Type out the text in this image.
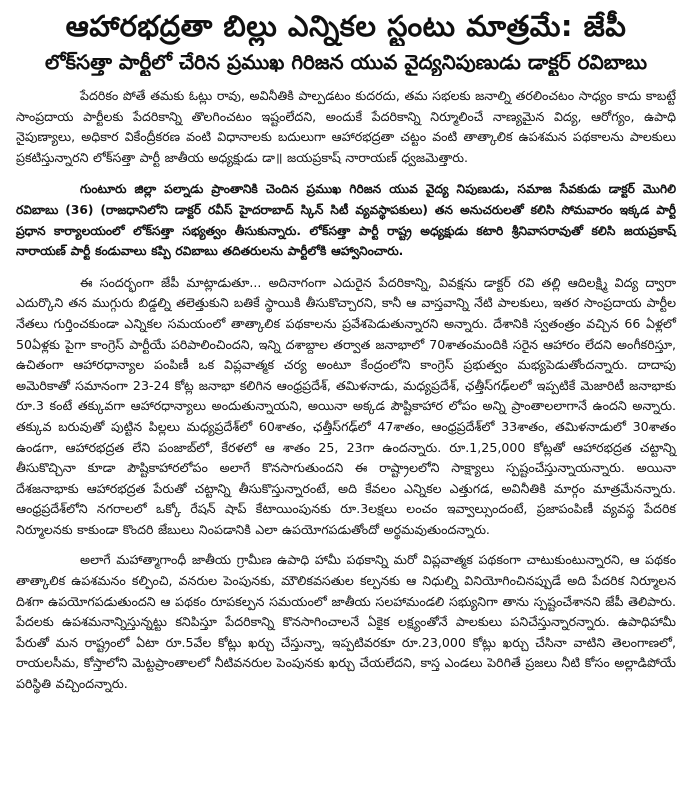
ఆహారభద్రతా బిల్లు ఎన్నికల స్టంటు మాత్రమే: జేపీ
లోక్‌సత్తా పార్టీలో చేరిన ప్రముఖ గిరిజన యువ వైద్యనిపుణుడు డాక్టర్ రవిబాబు

పేదరికం పోతే తమకు ఓట్లు రావు, అవినీతికి పాల్పడటం కుదరదు, తమ సభలకు జనాల్ని తరలించటం సాధ్యం కాదు కాబట్టే సాంప్రదాయ పార్టీలకు పేదరికాన్ని తొలగించటం ఇష్టంలేదని, అందుకే పేదరికాన్ని నిర్మూలించే నాణ్యమైన విద్య, ఆరోగ్యం, ఉపాధి నైపుణ్యాలు, అధికార వికేంద్రీకరణ వంటి విధానాలకు బదులుగా ఆహారభద్రతా చట్టం వంటి తాత్కాలిక ఉపశమన పథకాలను పాలకులు ప్రకటిస్తున్నారని లోక్‌సత్తా పార్టీ జాతీయ అధ్యక్షుడు డా॥ జయప్రకాష్ నారాయణ్ ధ్వజమెత్తారు.

గుంటూరు జిల్లా పల్నాడు ప్రాంతానికి చెందిన ప్రముఖ గిరిజన యువ వైద్య నిపుణుడు, సమాజ సేవకుడు డాక్టర్ మొగిలి రవిబాబు (36) (రాజధానిలోని డాక్టర్ రవీస్ హైదరాబాద్ స్కిన్ సిటీ వ్యవస్థాపకులు) తన అనుచరులతో కలిసి సోమవారం ఇక్కడ పార్టీ ప్రధాన కార్యాలయంలో లోక్‌సత్తా సభ్యత్వం తీసుకున్నారు. లోక్‌సత్తా పార్టీ రాష్ట్ర అధ్యక్షుడు కటారి శ్రీనివాసరావుతో కలిసి జయప్రకాష్ నారాయణ్ పార్టీ కండువాలు కప్పి రవిబాబు తదితరులను పార్టీలోకి ఆహ్వానించారు.

ఈ సందర్భంగా జేపీ మాట్లాడుతూ... అదినాగంగా ఎదురైన పేదరికాన్ని, వివక్షను డాక్టర్ రవి తల్లి ఆదిలక్ష్మి విద్య ద్వారా ఎదుర్కొని తన ముగ్గురు బిడ్డల్ని తలెత్తుకుని బతికే స్థాయికి తీసుకొచ్చారని, కానీ ఆ వాస్తవాన్ని నేటి పాలకులు, ఇతర సాంప్రదాయ పార్టీల నేతలు గుర్తించకుండా ఎన్నికల సమయంలో తాత్కాలిక పథకాలను ప్రవేశపెడుతున్నారని అన్నారు. దేశానికి స్వతంత్రం వచ్చిన 66 ఏళ్లలో 50ఏళ్లకు పైగా కాంగ్రెస్ పార్టీయే పరిపాలించిందని, ఇన్ని దశాబ్దాల తర్వాత జనాభాలో 70శాతంమందికి సరైన ఆహారం లేదని అంగీకరిస్తూ, ఉచితంగా ఆహారధాన్యాల పంపిణీ ఒక విప్లవాత్మక చర్య అంటూ కేంద్రంలోని కాంగ్రెస్ ప్రభుత్వం మభ్యపెడుతోందన్నారు. దాదాపు అమెరికాతో సమానంగా 23-24 కోట్ల జనాభా కలిగిన ఆంధ్రప్రదేశ్, తమిళనాడు, మధ్యప్రదేశ్, ఛత్తీస్‌గఢ్‌లలో ఇప్పటికే మెజారిటీ జనాభాకు రూ.3 కంటే తక్కువగా ఆహారధాన్యాలు అందుతున్నాయని, అయినా అక్కడ పౌష్టికాహార లోపం అన్ని ప్రాంతాలలాగానే ఉందని అన్నారు. తక్కువ బరువుతో పుట్టిన పిల్లలు మధ్యప్రదేశ్‌లో 60శాతం, ఛత్తీస్‌గఢ్‌లో 47శాతం, ఆంధ్రప్రదేశ్‌లో 33శాతం, తమిళనాడులో 30శాతం ఉండగా, ఆహారభద్రత లేని పంజాబ్‌లో, కేరళలో ఆ శాతం 25, 23గా ఉందన్నారు. రూ.1,25,000 కోట్లతో ఆహారభద్రత చట్టాన్ని తీసుకొచ్చినా కూడా పౌష్టికాహారలోపం అలాగే కొనసాగుతుందని ఈ రాష్ట్రాలలోని సాక్ష్యాలు స్పష్టంచేస్తున్నాయన్నారు. అయినా దేశజనాభాకు ఆహారభద్రత పేరుతో చట్టాన్ని తీసుకొస్తున్నారంటే, అది కేవలం ఎన్నికల ఎత్తుగడ, అవినీతికి మార్గం మాత్రమేనన్నారు. ఆంధ్రప్రదేశ్‌లోని నగరాలలో ఒక్కో రేషన్ షాప్ కేటాయింపునకు రూ.3లక్షలు లంచం ఇవ్వాల్సుందంటే, ప్రజాపంపిణీ వ్యవస్థ పేదరిక నిర్మూలనకు కాకుండా కొందరి జేబులు నింపడానికి ఎలా ఉపయోగపడుతోందో అర్థమవుతుందన్నారు.

అలాగే మహాత్మాగాంధీ జాతీయ గ్రామీణ ఉపాధి హామీ పథకాన్ని మరో విప్లవాత్మక పథకంగా చాటుకుంటున్నారని, ఆ పథకం తాత్కాలిక ఉపశమనం కల్పించి, వనరుల పెంపునకు, మౌలికవసతుల కల్పనకు ఆ నిధుల్ని వినియోగించినప్పుడే అది పేదరిక నిర్మూలన దిశగా ఉపయోగపడుతుందని ఆ పథకం రూపకల్పన సమయంలో జాతీయ సలహామండలి సభ్యునిగా తాను స్పష్టంచేశానని జేపీ తెలిపారు. పేదలకు ఉపశమనాన్నిస్తున్నట్టు కనిపిస్తూ పేదరికాన్ని కొనసాగించాలనే ఏకైక లక్ష్యంతోనే పాలకులు పనిచేస్తున్నారన్నారు. ఉపాధిహామీ పేరుతో మన రాష్ట్రంలో ఏటా రూ.5వేల కోట్లు ఖర్చు చేస్తున్నా, ఇప్పటివరకూ రూ.23,000 కోట్లు ఖర్చు చేసినా వాటిని తెలంగాణలో, రాయలసీమ, కోస్తాలోని మెట్టప్రాంతాలలో నీటివనరుల పెంపునకు ఖర్చు చేయలేదని, కాస్త ఎండలు పెరిగితే ప్రజలు నీటి కోసం అల్లాడిపోయే పరిస్థితి వచ్చిందన్నారు.
